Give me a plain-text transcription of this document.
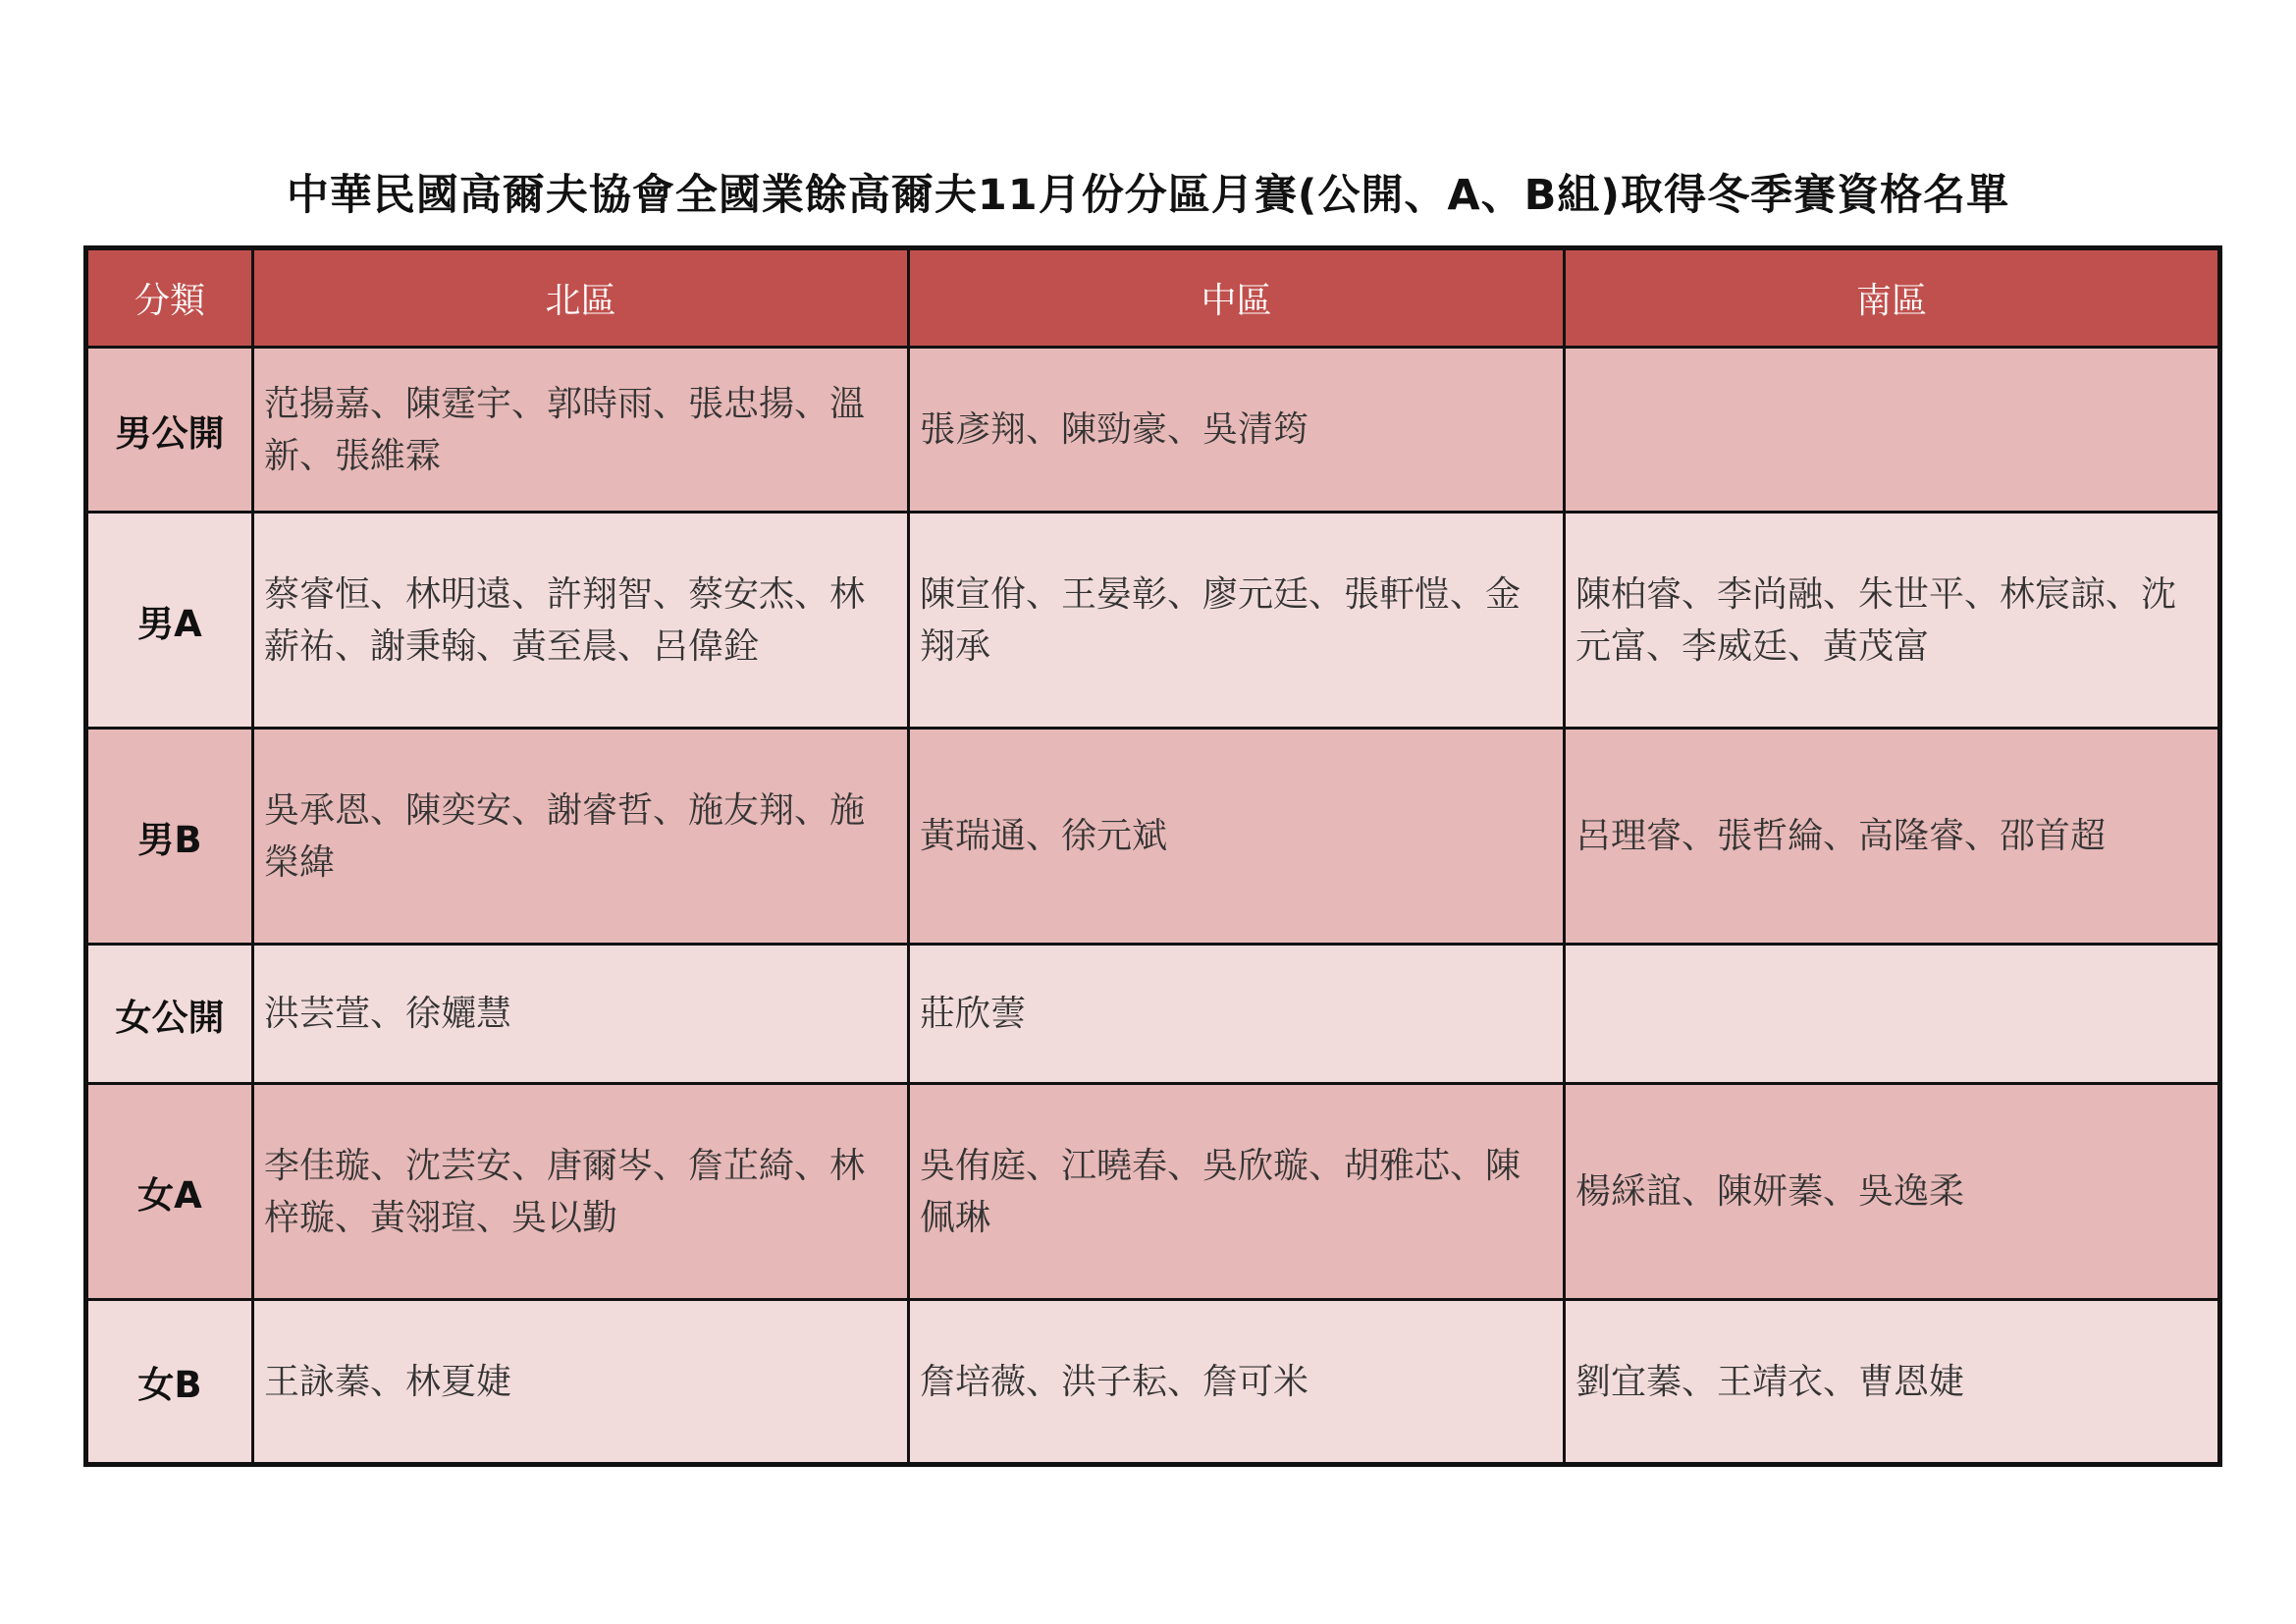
中華民國高爾夫協會全國業餘高爾夫11月份分區月賽(公開、A、B組)取得冬季賽資格名單
分類	北區	中區	南區
男公開	范揚嘉、陳霆宇、郭時雨、張忠揚、溫新、張維霖	張彥翔、陳勁豪、吳清筠	
男A	蔡睿恒、林明遠、許翔智、蔡安杰、林薪祐、謝秉翰、黃至晨、呂偉銓	陳宣佾、王晏彰、廖元廷、張軒愷、金翔承	陳柏睿、李尚融、朱世平、林宸諒、沈元富、李威廷、黃茂富
男B	吳承恩、陳奕安、謝睿哲、施友翔、施榮緯	黃瑞通、徐元斌	呂理睿、張哲綸、高隆睿、邵首超
女公開	洪芸萱、徐孋慧	莊欣蕓	
女A	李佳璇、沈芸安、唐爾岑、詹芷綺、林梓璇、黃翎瑄、吳以勤	吳侑庭、江曉春、吳欣璇、胡雅芯、陳佩琳	楊綵誼、陳妍蓁、吳逸柔
女B	王詠蓁、林夏婕	詹培薇、洪子耘、詹可米	劉宜蓁、王靖衣、曹恩婕
